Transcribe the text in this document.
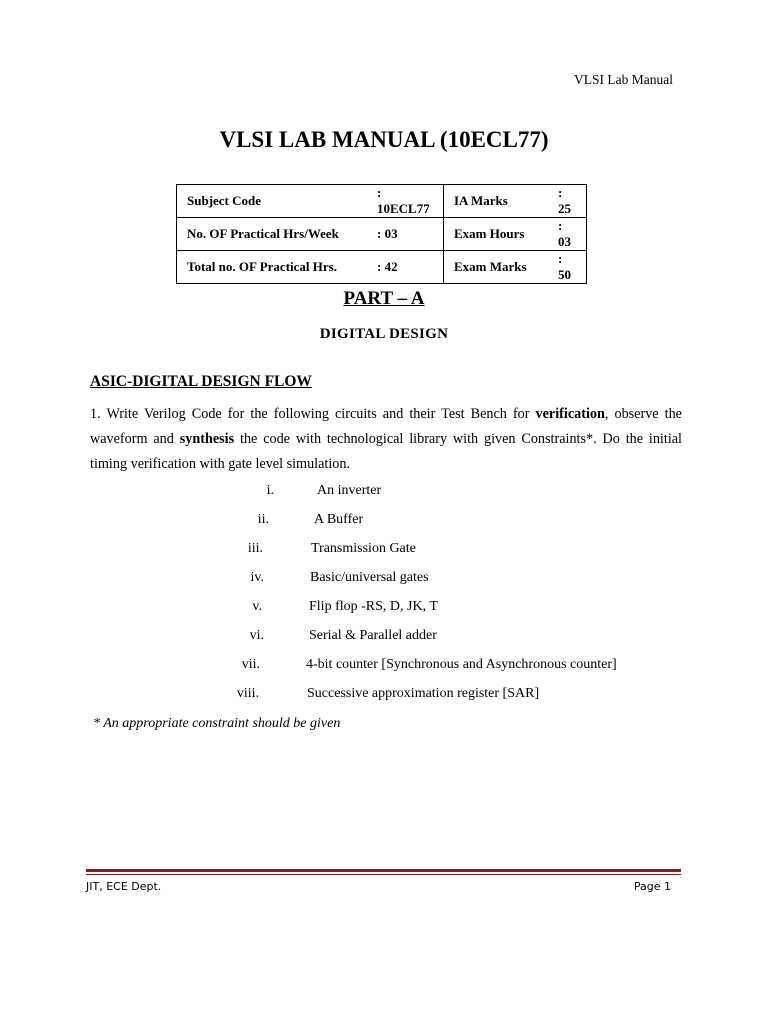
VLSI Lab Manual
VLSI LAB MANUAL (10ECL77)
Subject Code	: 10ECL77	IA Marks	: 25
No. OF Practical Hrs/Week	: 03	Exam Hours	: 03
Total no. OF Practical Hrs.	: 42	Exam Marks	: 50
PART – A
DIGITAL DESIGN
ASIC-DIGITAL DESIGN FLOW
1. Write Verilog Code for the following circuits and their Test Bench for verification, observe the waveform and synthesis the code with technological library with given Constraints*. Do the initial timing verification with gate level simulation.
i.	An inverter
ii.	A Buffer
iii.	Transmission Gate
iv.	Basic/universal gates
v.	Flip flop -RS, D, JK, T
vi.	Serial & Parallel adder
vii.	4-bit counter [Synchronous and Asynchronous counter]
viii.	Successive approximation register [SAR]
* An appropriate constraint should be given
JIT, ECE Dept.	Page 1
